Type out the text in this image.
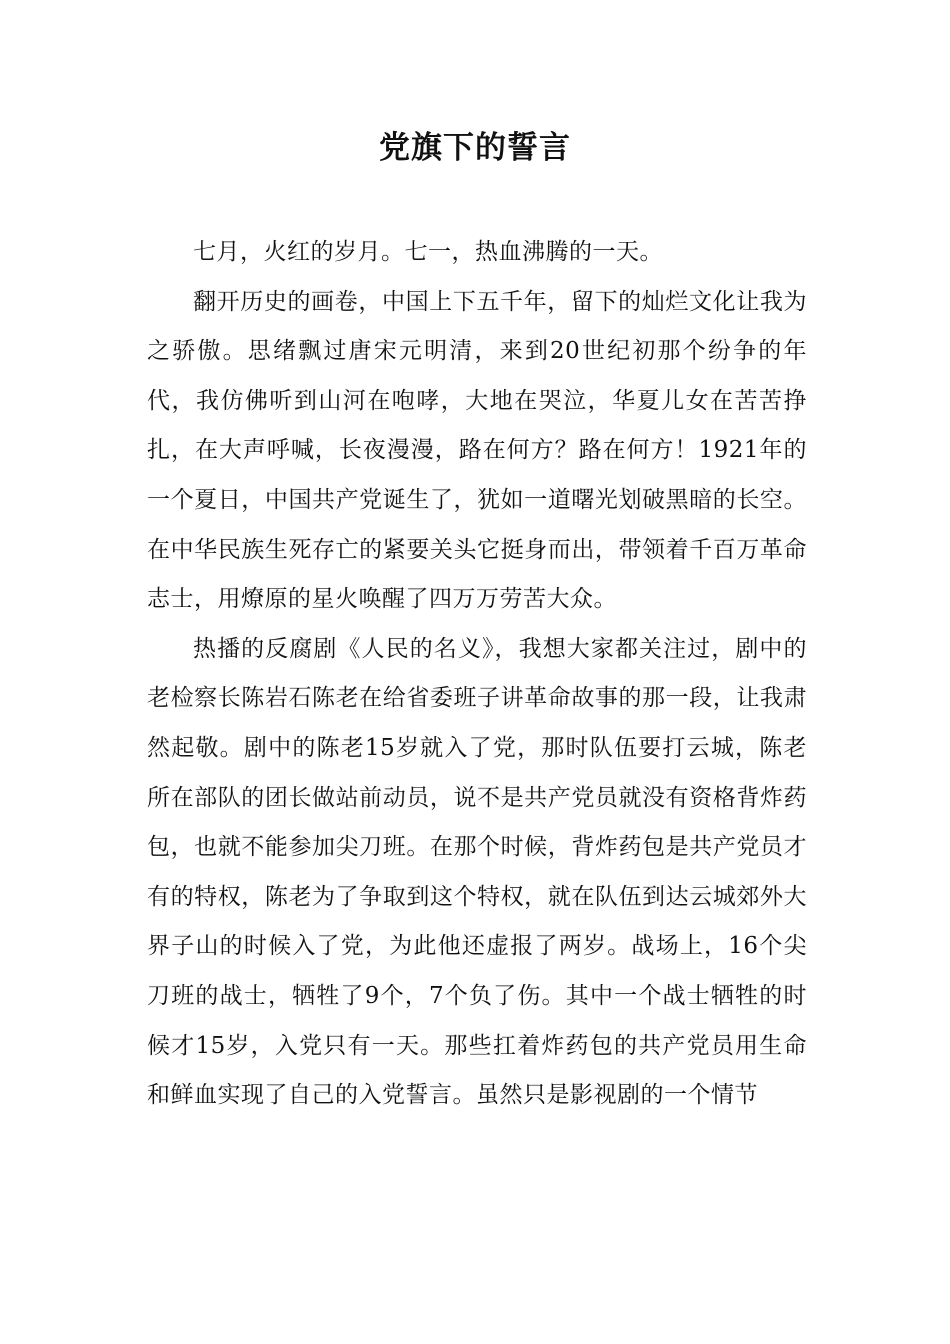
党旗下的誓言

七月，火红的岁月。七一，热血沸腾的一天。

翻开历史的画卷，中国上下五千年，留下的灿烂文化让我为之骄傲。思绪飘过唐宋元明清，来到20世纪初那个纷争的年代，我仿佛听到山河在咆哮，大地在哭泣，华夏儿女在苦苦挣扎，在大声呼喊，长夜漫漫，路在何方？路在何方！1921年的一个夏日，中国共产党诞生了，犹如一道曙光划破黑暗的长空。在中华民族生死存亡的紧要关头它挺身而出，带领着千百万革命志士，用燎原的星火唤醒了四万万劳苦大众。

热播的反腐剧《人民的名义》，我想大家都关注过，剧中的老检察长陈岩石陈老在给省委班子讲革命故事的那一段，让我肃然起敬。剧中的陈老15岁就入了党，那时队伍要打云城，陈老所在部队的团长做站前动员，说不是共产党员就没有资格背炸药包，也就不能参加尖刀班。在那个时候，背炸药包是共产党员才有的特权，陈老为了争取到这个特权，就在队伍到达云城郊外大界子山的时候入了党，为此他还虚报了两岁。战场上，16个尖刀班的战士，牺牲了9个，7个负了伤。其中一个战士牺牲的时候才15岁，入党只有一天。那些扛着炸药包的共产党员用生命和鲜血实现了自己的入党誓言。虽然只是影视剧的一个情节
